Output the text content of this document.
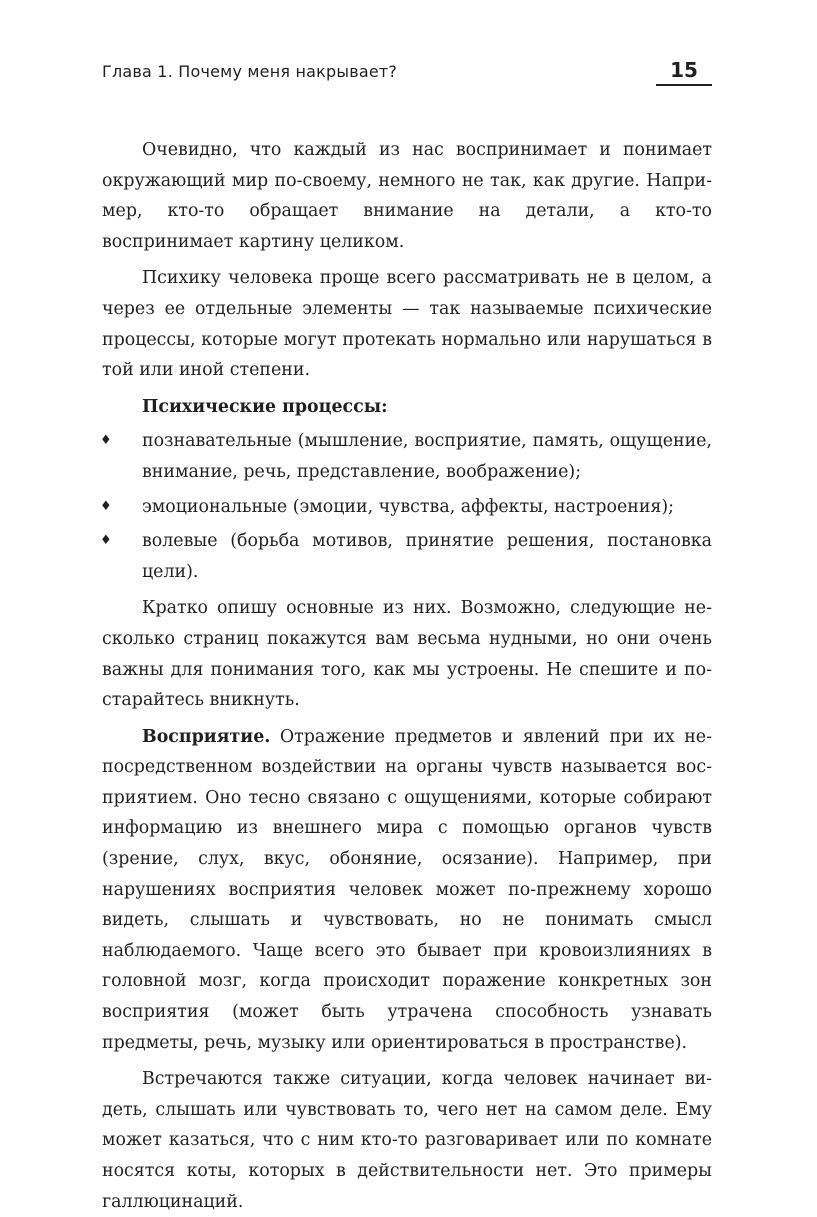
Глава 1. Почему меня накрывает?	15

Очевидно, что каждый из нас воспринимает и понимает окружающий мир по-своему, немного не так, как другие. Например, кто-то обращает внимание на детали, а кто-то воспринимает картину целиком.

Психику человека проще всего рассматривать не в целом, а через ее отдельные элементы — так называемые психические процессы, которые могут протекать нормально или нарушаться в той или иной степени.

Психические процессы:

♦ познавательные (мышление, восприятие, память, ощущение, внимание, речь, представление, воображение);
♦ эмоциональные (эмоции, чувства, аффекты, настроения);
♦ волевые (борьба мотивов, принятие решения, постановка цели).

Кратко опишу основные из них. Возможно, следующие несколько страниц покажутся вам весьма нудными, но они очень важны для понимания того, как мы устроены. Не спешите и постарайтесь вникнуть.

Восприятие. Отражение предметов и явлений при их непосредственном воздействии на органы чувств называется восприятием. Оно тесно связано с ощущениями, которые собирают информацию из внешнего мира с помощью органов чувств (зрение, слух, вкус, обоняние, осязание). Например, при нарушениях восприятия человек может по-прежнему хорошо видеть, слышать и чувствовать, но не понимать смысл наблюдаемого. Чаще всего это бывает при кровоизлияниях в головной мозг, когда происходит поражение конкретных зон восприятия (может быть утрачена способность узнавать предметы, речь, музыку или ориентироваться в пространстве).

Встречаются также ситуации, когда человек начинает видеть, слышать или чувствовать то, чего нет на самом деле. Ему может казаться, что с ним кто-то разговаривает или по комнате носятся коты, которых в действительности нет. Это примеры галлюцинаций.
